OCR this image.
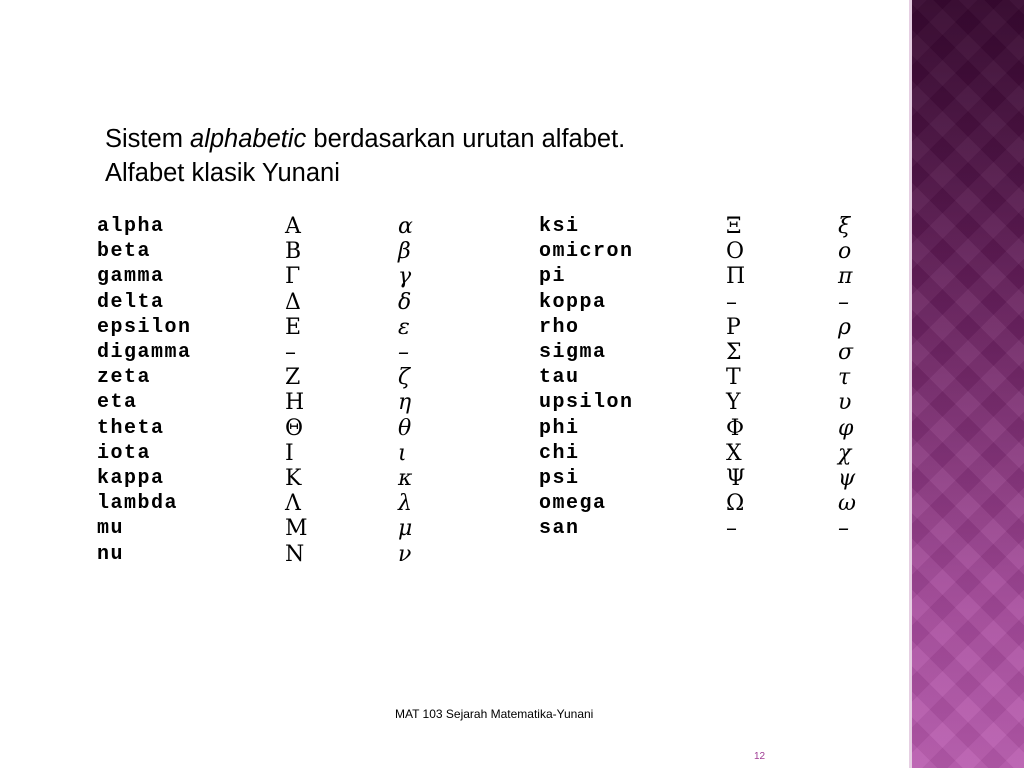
Sistem alphabetic berdasarkan urutan alfabet.
Alfabet klasik Yunani
alpha	Α	α
beta	Β	β
gamma	Γ	γ
delta	Δ	δ
epsilon	Ε	ε
digamma	–	–
zeta	Ζ	ζ
eta	Η	η
theta	Θ	θ
iota	Ι	ι
kappa	Κ	κ
lambda	Λ	λ
mu	Μ	μ
nu	Ν	ν
ksi	Ξ	ξ
omicron	Ο	ο
pi	Π	π
koppa	–	–
rho	Ρ	ρ
sigma	Σ	σ
tau	Τ	τ
upsilon	Υ	υ
phi	Φ	φ
chi	Χ	χ
psi	Ψ	ψ
omega	Ω	ω
san	–	–
MAT 103 Sejarah Matematika-Yunani
12
